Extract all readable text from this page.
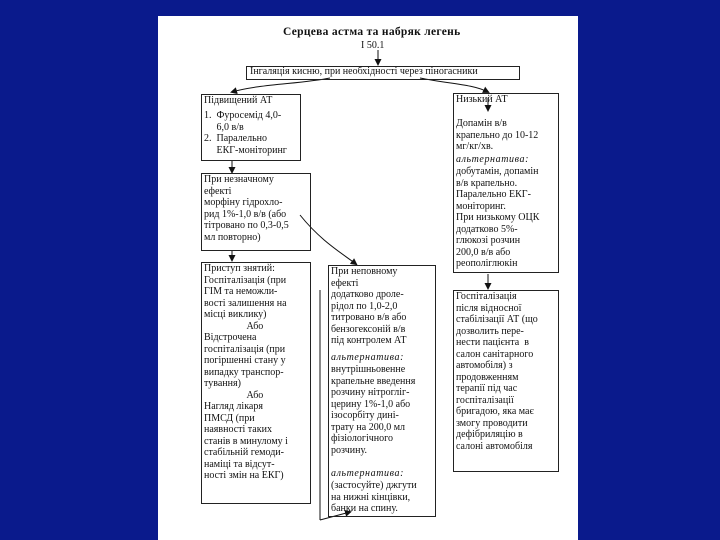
Серцева астма та набряк легень
I 50.1
Інгаляція кисню, при необхідності через піногасники
Підвищений АТ
1.  Фуросемід 4,0-
6,0 в/в
2.  Паралельно
ЕКГ-моніторинг
При незначному
ефекті
морфіну гідрохло-
рид 1%-1,0 в/в (або
тітровано по 0,3-0,5
мл повторно)
Приступ знятий:
Госпіталізація (при
ГІМ та неможли-
вості залишення на
місці виклику)
Або
Відстрочена
госпіталізація (при
погіршенні стану у
випадку транспор-
тування)
Або
Нагляд лікаря
ПМСД (при
наявності таких
станів в минулому і
стабільній гемоди-
наміці та відсут-
ності змін на ЕКГ)
При неповному
ефекті
додатково дроле-
рідол по 1,0-2,0
титровано в/в або
бензогексоній в/в
під контролем АТ
альтернатива:
внутрішньовенне
крапельне введення
розчину нітрогліг-
церину 1%-1,0 або
ізосорбіту дині-
трату на 200,0 мл
фізіологічного
розчину.
альтернатива:
(застосуйте) джгути
на нижні кінцівки,
банки на спину.
Низький АТ
Допамін в/в
крапельно до 10-12
мг/кг/хв.
альтернатива:
добутамін, допамін
в/в крапельно.
Паралельно ЕКГ-
моніторинг.
При низькому ОЦК
додатково 5%-
глюкозі розчин
200,0 в/в або
реополіглюкін
Госпіталізація
після відносної
стабілізації АТ (що
дозволить пере-
нести пацієнта  в
салон санітарного
автомобіля) з
продовженням
терапії під час
госпіталізації
бригадою, яка має
змогу проводити
дефібриляцію в
салоні автомобіля
